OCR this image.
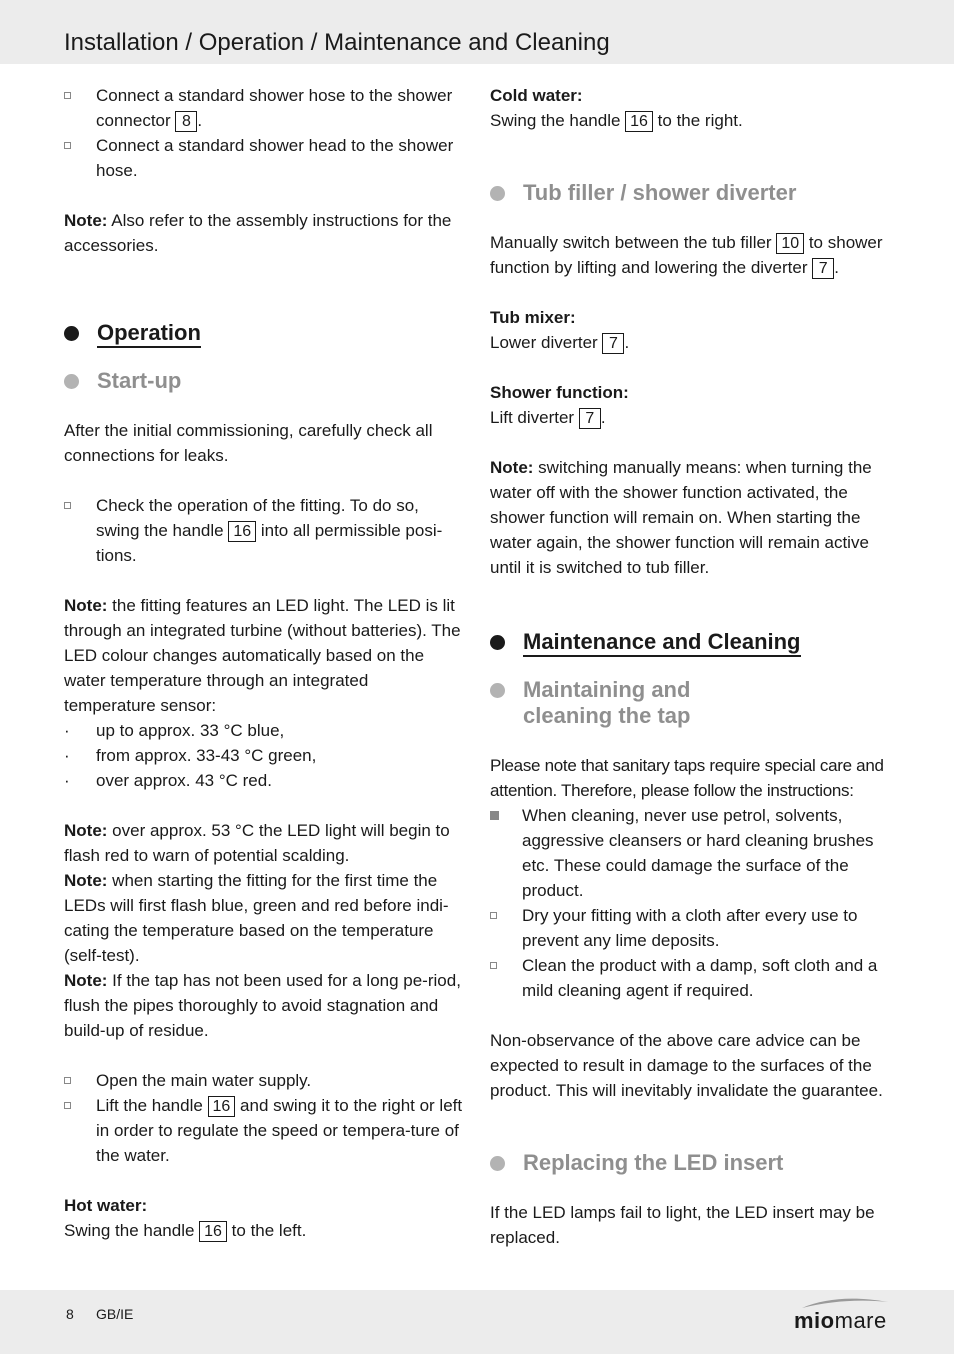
Installation / Operation / Maintenance and Cleaning
Connect a standard shower hose to the shower connector 8 .
Connect a standard shower head to the shower hose.

Note: Also refer to the assembly instructions for the accessories.

Operation
Start-up

After the initial commissioning, carefully check all connections for leaks.

Check the operation of the fitting. To do so, swing the handle 16 into all permissible posi-tions.

Note: the fitting features an LED light. The LED is lit through an integrated turbine (without batteries). The LED colour changes automatically based on the water temperature through an integrated temperature sensor:

· up to approx. 33 °C blue,
· from approx. 33-43 °C green,
· over approx. 43 °C red.

Note: over approx. 53 °C the LED light will begin to flash red to warn of potential scalding.

Note: when starting the fitting for the first time the LEDs will first flash blue, green and red before indi-cating the temperature based on the temperature (self-test).

Note: If the tap has not been used for a long pe-riod, flush the pipes thoroughly to avoid stagnation and build-up of residue.

Open the main water supply.
Lift the handle 16 and swing it to the right or left in order to regulate the speed or tempera-ture of the water.

Hot water:

Swing the handle 16 to the left.

Cold water:

Swing the handle 16 to the right.

Tub filler / shower diverter

Manually switch between the tub filler 10 to shower function by lifting and lowering the diverter 7 .

Tub mixer:

Lower diverter 7 .

Shower function:

Lift diverter 7 .

Note: switching manually means: when turning the water off with the shower function activated, the shower function will remain on. When starting the water again, the shower function will remain active until it is switched to tub filler.

Maintenance and Cleaning
Maintaining and
cleaning the tap

Please note that sanitary taps require special care and attention. Therefore, please follow the instructions:

When cleaning, never use petrol, solvents, aggressive cleansers or hard cleaning brushes etc. These could damage the surface of the product.
Dry your fitting with a cloth after every use to prevent any lime deposits.
Clean the product with a damp, soft cloth and a mild cleaning agent if required.

Non-observance of the above care advice can be expected to result in damage to the surfaces of the product. This will inevitably invalidate the guarantee.

Replacing the LED insert

If the LED lamps fail to light, the LED insert may be replaced.

8 GB/IE	miomare
